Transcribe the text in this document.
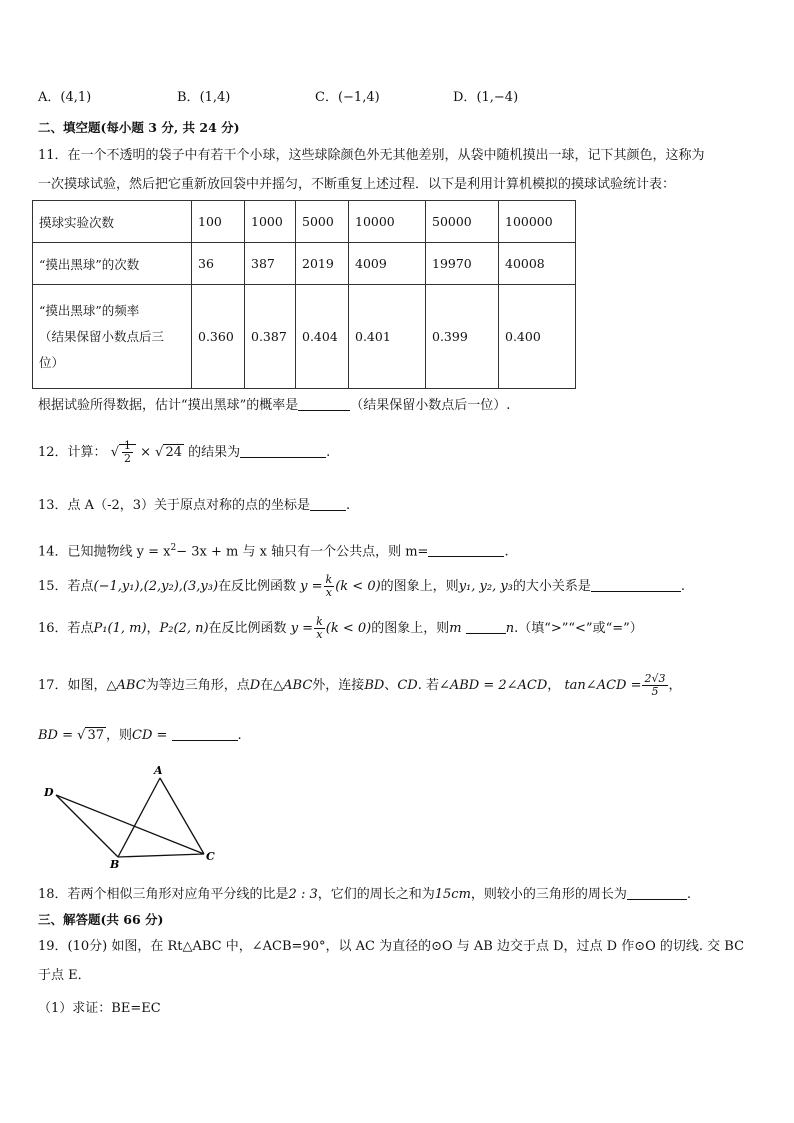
A．(4,1)	B．(1,4)	C．(−1,4)	D．(1,−4)
二、填空题(每小题 3 分, 共 24 分)
11．在一个不透明的袋子中有若干个小球，这些球除颜色外无其他差别，从袋中随机摸出一球，记下其颜色，这称为
一次摸球试验，然后把它重新放回袋中并摇匀，不断重复上述过程．以下是利用计算机模拟的摸球试验统计表：
摸球实验次数	100	1000	5000	10000	50000	100000
“摸出黑球”的次数	36	387	2019	4009	19970	40008

“摸出黑球”的频率
（结果保留小数点后三
位）	0.360	0.387	0.404	0.401	0.399	0.400
根据试验所得数据，估计“摸出黑球”的概率是	（结果保留小数点后一位）.
12．计算： √ $\frac{1}{2}$ × √ 24 的结果为	.
13．点 A（-2，3）关于原点对称的点的坐标是	.
14．已知抛物线 $y = x^2- 3x + m$ 与 x 轴只有一个公共点，则 m=	.
15．若点(−1,y₁),(2,y₂),(3,y₃)在反比例函数 $y = \frac{k}{x} (k < 0)$的图象上，则y₁, y₂, y₃的大小关系是	.
16．若点P₁(1, m)，P₂(2, n)在反比例函数 $y = \frac{k}{x} (k < 0)$的图象上，则m	n.（填“>”“<”或“=”）
17．如图，△ABC为等边三角形，点D在△ABC外，连接BD、CD. 若∠ABD = 2∠ACD， tan∠ACD = $\frac{2√3}{5}$ ，
BD = √ 37 ，则CD =	.
D
A
B
C
18．若两个相似三角形对应角平分线的比是2 : 3，它们的周长之和为15cm，则较小的三角形的周长为	.
三、解答题(共 66 分)
19．(10分) 如图，在 Rt△ABC 中，∠ACB=90°，以 AC 为直径的⊙O 与 AB 边交于点 D，过点 D 作⊙O 的切线. 交 BC
于点 E．
（1）求证：BE=EC
